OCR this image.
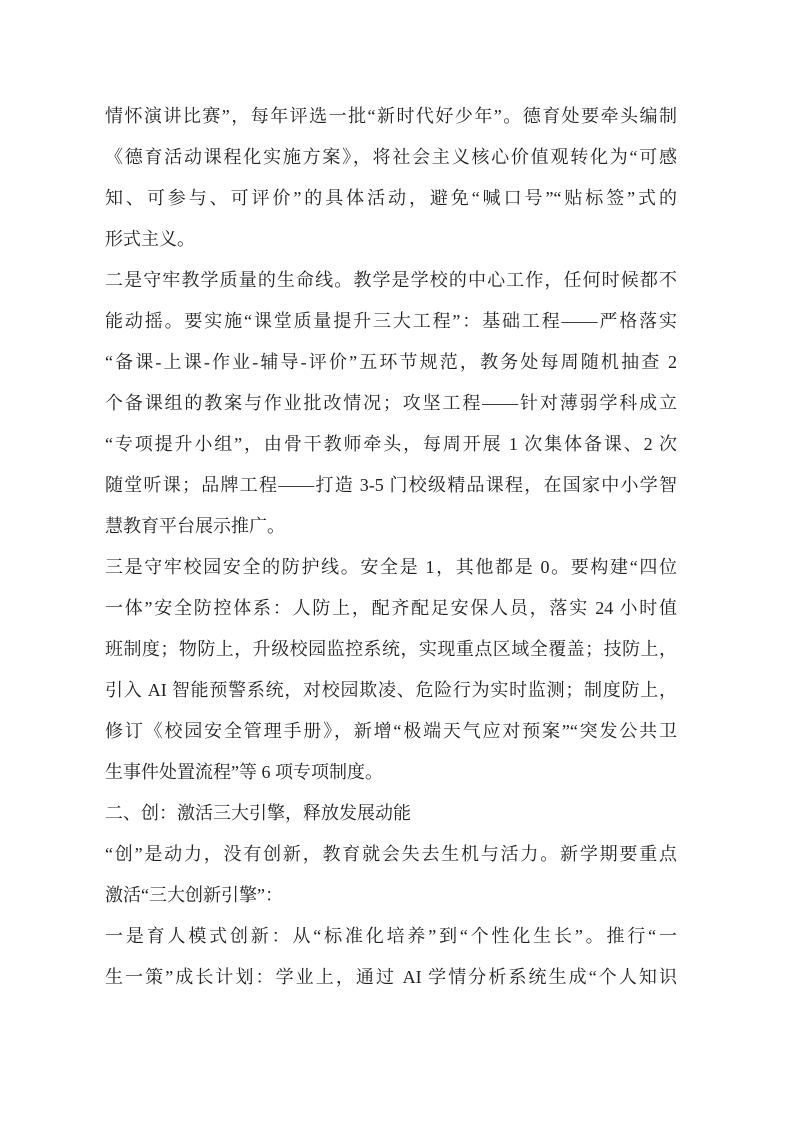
情怀演讲比赛”，每年评选一批“新时代好少年”。德育处要牵头编制
《德育活动课程化实施方案》，将社会主义核心价值观转化为“可感
知、可参与、可评价”的具体活动，避免“喊口号”“贴标签”式的
形式主义。
二是守牢教学质量的生命线。教学是学校的中心工作，任何时候都不
能动摇。要实施“课堂质量提升三大工程”：基础工程——严格落实
“备课-上课-作业-辅导-评价”五环节规范，教务处每周随机抽查 2
个备课组的教案与作业批改情况；攻坚工程——针对薄弱学科成立
“专项提升小组”，由骨干教师牵头，每周开展 1 次集体备课、2 次
随堂听课；品牌工程——打造 3-5 门校级精品课程，在国家中小学智
慧教育平台展示推广。
三是守牢校园安全的防护线。安全是 1，其他都是 0。要构建“四位
一体”安全防控体系：人防上，配齐配足安保人员，落实 24 小时值
班制度；物防上，升级校园监控系统，实现重点区域全覆盖；技防上，
引入 AI 智能预警系统，对校园欺凌、危险行为实时监测；制度防上，
修订《校园安全管理手册》，新增“极端天气应对预案”“突发公共卫
生事件处置流程”等 6 项专项制度。
二、创：激活三大引擎，释放发展动能
“创”是动力，没有创新，教育就会失去生机与活力。新学期要重点
激活“三大创新引擎”：
一是育人模式创新：从“标准化培养”到“个性化生长”。推行“一
生一策”成长计划：学业上，通过 AI 学情分析系统生成“个人知识
